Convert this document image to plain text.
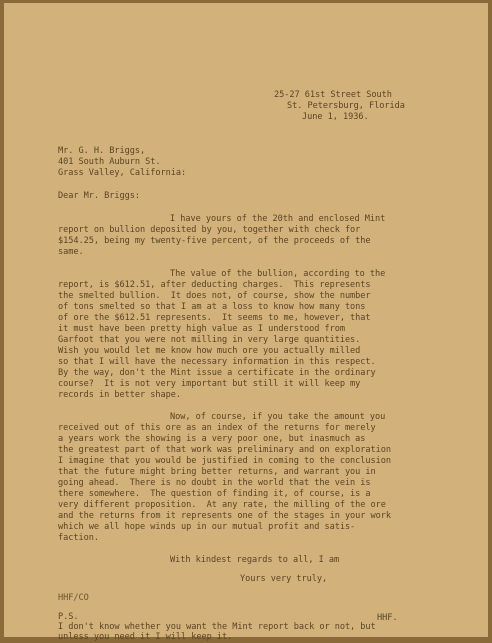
25-27 61st Street South
St. Petersburg, Florida
June 1, 1936.
Mr. G. H. Briggs,
401 South Auburn St.
Grass Valley, California:
Dear Mr. Briggs:
I have yours of the 20th and enclosed Mint
report on bullion deposited by you, together with check for
$154.25, being my twenty-five percent, of the proceeds of the
same.
The value of the bullion, according to the
report, is $612.51, after deducting charges.  This represents
the smelted bullion.  It does not, of course, show the number
of tons smelted so that I am at a loss to know how many tons
of ore the $612.51 represents.  It seems to me, however, that
it must have been pretty high value as I understood from
Garfoot that you were not milling in very large quantities.
Wish you would let me know how much ore you actually milled
so that I will have the necessary information in this respect.
By the way, don't the Mint issue a certificate in the ordinary
course?  It is not very important but still it will keep my
records in better shape.
Now, of course, if you take the amount you
received out of this ore as an index of the returns for merely
a years work the showing is a very poor one, but inasmuch as
the greatest part of that work was preliminary and on exploration
I imagine that you would be justified in coming to the conclusion
that the future might bring better returns, and warrant you in
going ahead.  There is no doubt in the world that the vein is
there somewhere.  The question of finding it, of course, is a
very different proposition.  At any rate, the milling of the ore
and the returns from it represents one of the stages in your work
which we all hope winds up in our mutual profit and satis-
faction.
With kindest regards to all, I am
Yours very truly,
HHF/CO
P.S.
I don't know whether you want the Mint report back or not, but
unless you need it I will keep it.
HHF.
